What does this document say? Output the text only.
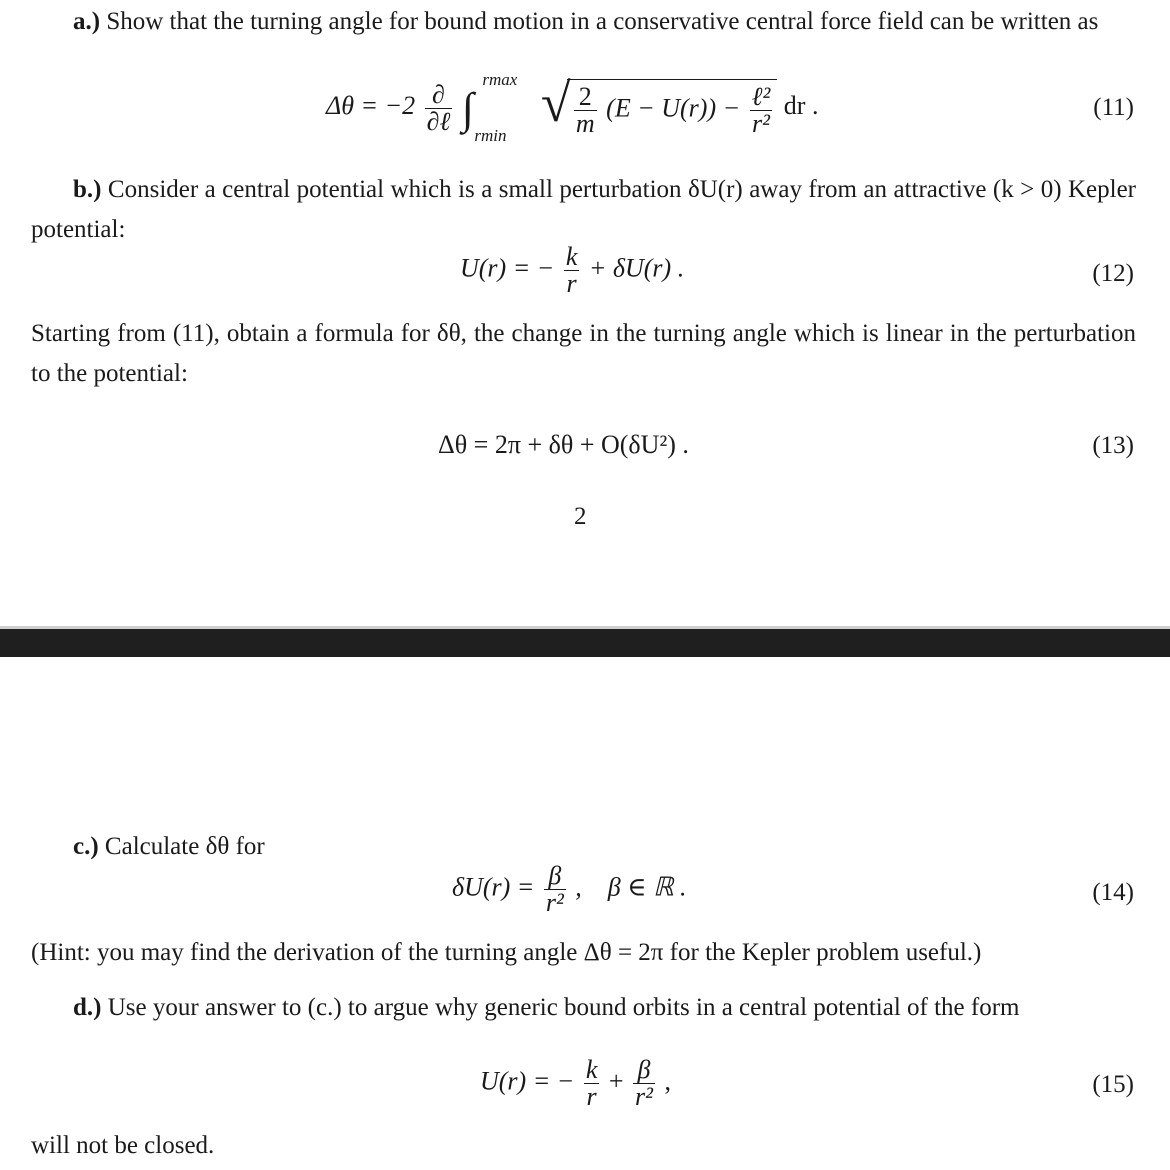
a.) Show that the turning angle for bound motion in a conservative central force field can be written as
$\Delta\theta = -2 \frac{\partial}{\text{∂ℓ}}$ ∫
rmax
rmin

√ $\frac{2}{m} (E - U(r)) - \frac{\text{ℓ²}}{\text{r²}}$ dr .	(11)
b.) Consider a central potential which is a small perturbation δU(r) away from an attractive (k > 0) Kepler potential:
U(r) = − $\frac{k}{r} + \delta U(r)$ .	(12)
Starting from (11), obtain a formula for δθ, the change in the turning angle which is linear in the perturbation to the potential:
Δθ = 2π + δθ + O(δU²) .	(13)
2
c.) Calculate δθ for
$\delta U(r) = \frac{\beta}{\text{r²}}$ ,    β ∈ ℝ .	(14)
(Hint: you may find the derivation of the turning angle Δθ = 2π for the Kepler problem useful.)
d.) Use your answer to (c.) to argue why generic bound orbits in a central potential of the form
U(r) = − $\frac{k}{r} + \frac{\beta}{\text{r²}}$ ,	(15)
will not be closed.
